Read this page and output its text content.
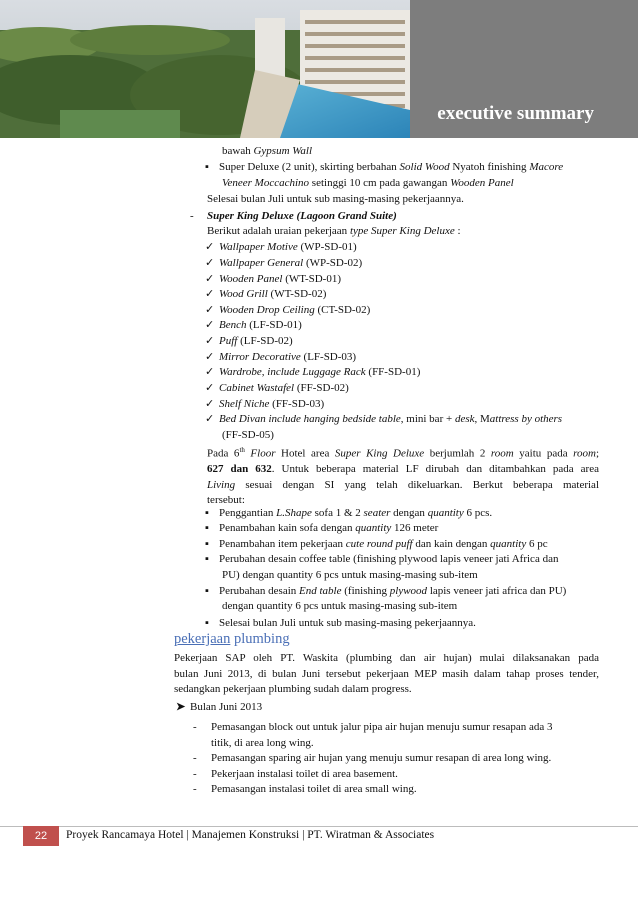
executive summary
bawah Gypsum Wall
▪ Super Deluxe (2 unit), skirting berbahan Solid Wood Nyatoh finishing Macore
Veneer Moccachino setinggi 10 cm pada gawangan Wooden Panel
Selesai bulan Juli untuk sub masing-masing pekerjaannya.
- Super King Deluxe (Lagoon Grand Suite)
Berikut adalah uraian pekerjaan type Super King Deluxe :
✓ Wallpaper Motive (WP-SD-01)
✓ Wallpaper General (WP-SD-02)
✓ Wooden Panel (WT-SD-01)
✓ Wood Grill (WT-SD-02)
✓ Wooden Drop Ceiling (CT-SD-02)
✓ Bench (LF-SD-01)
✓ Puff (LF-SD-02)
✓ Mirror Decorative (LF-SD-03)
✓ Wardrobe, include Luggage Rack (FF-SD-01)
✓ Cabinet Wastafel (FF-SD-02)
✓ Shelf Niche (FF-SD-03)
✓ Bed Divan include hanging bedside table, mini bar + desk, Mattress by others
(FF-SD-05)
Pada 6th Floor Hotel area Super King Deluxe berjumlah 2 room yaitu pada room;
627 dan 632. Untuk beberapa material LF dirubah dan ditambahkan pada area
Living sesuai dengan SI yang telah dikeluarkan. Berkut beberapa material
tersebut:
▪ Penggantian L.Shape sofa 1 & 2 seater dengan quantity 6 pcs.
▪ Penambahan kain sofa dengan quantity 126 meter
▪ Penambahan item pekerjaan cute round puff dan kain dengan quantity 6 pc
▪ Perubahan desain coffee table (finishing plywood lapis veneer jati Africa dan
PU) dengan quantity 6 pcs untuk masing-masing sub-item
▪ Perubahan desain End table (finishing plywood lapis veneer jati africa dan PU)
dengan quantity 6 pcs untuk masing-masing sub-item
▪ Selesai bulan Juli untuk sub masing-masing pekerjaannya.
pekerjaan plumbing
Pekerjaan SAP oleh PT. Waskita (plumbing dan air hujan) mulai dilaksanakan pada
bulan Juni 2013, di bulan Juni tersebut pekerjaan MEP masih dalam tahap proses tender,
sedangkan pekerjaan plumbing sudah dalam progress.
➤ Bulan Juni 2013
- Pemasangan block out untuk jalur pipa air hujan menuju sumur resapan ada 3
titik, di area long wing.
- Pemasangan sparing air hujan yang menuju sumur resapan di area long wing.
- Pekerjaan instalasi toilet di area basement.
- Pemasangan instalasi toilet di area small wing.
22	Proyek Rancamaya Hotel | Manajemen Konstruksi | PT. Wiratman & Associates
